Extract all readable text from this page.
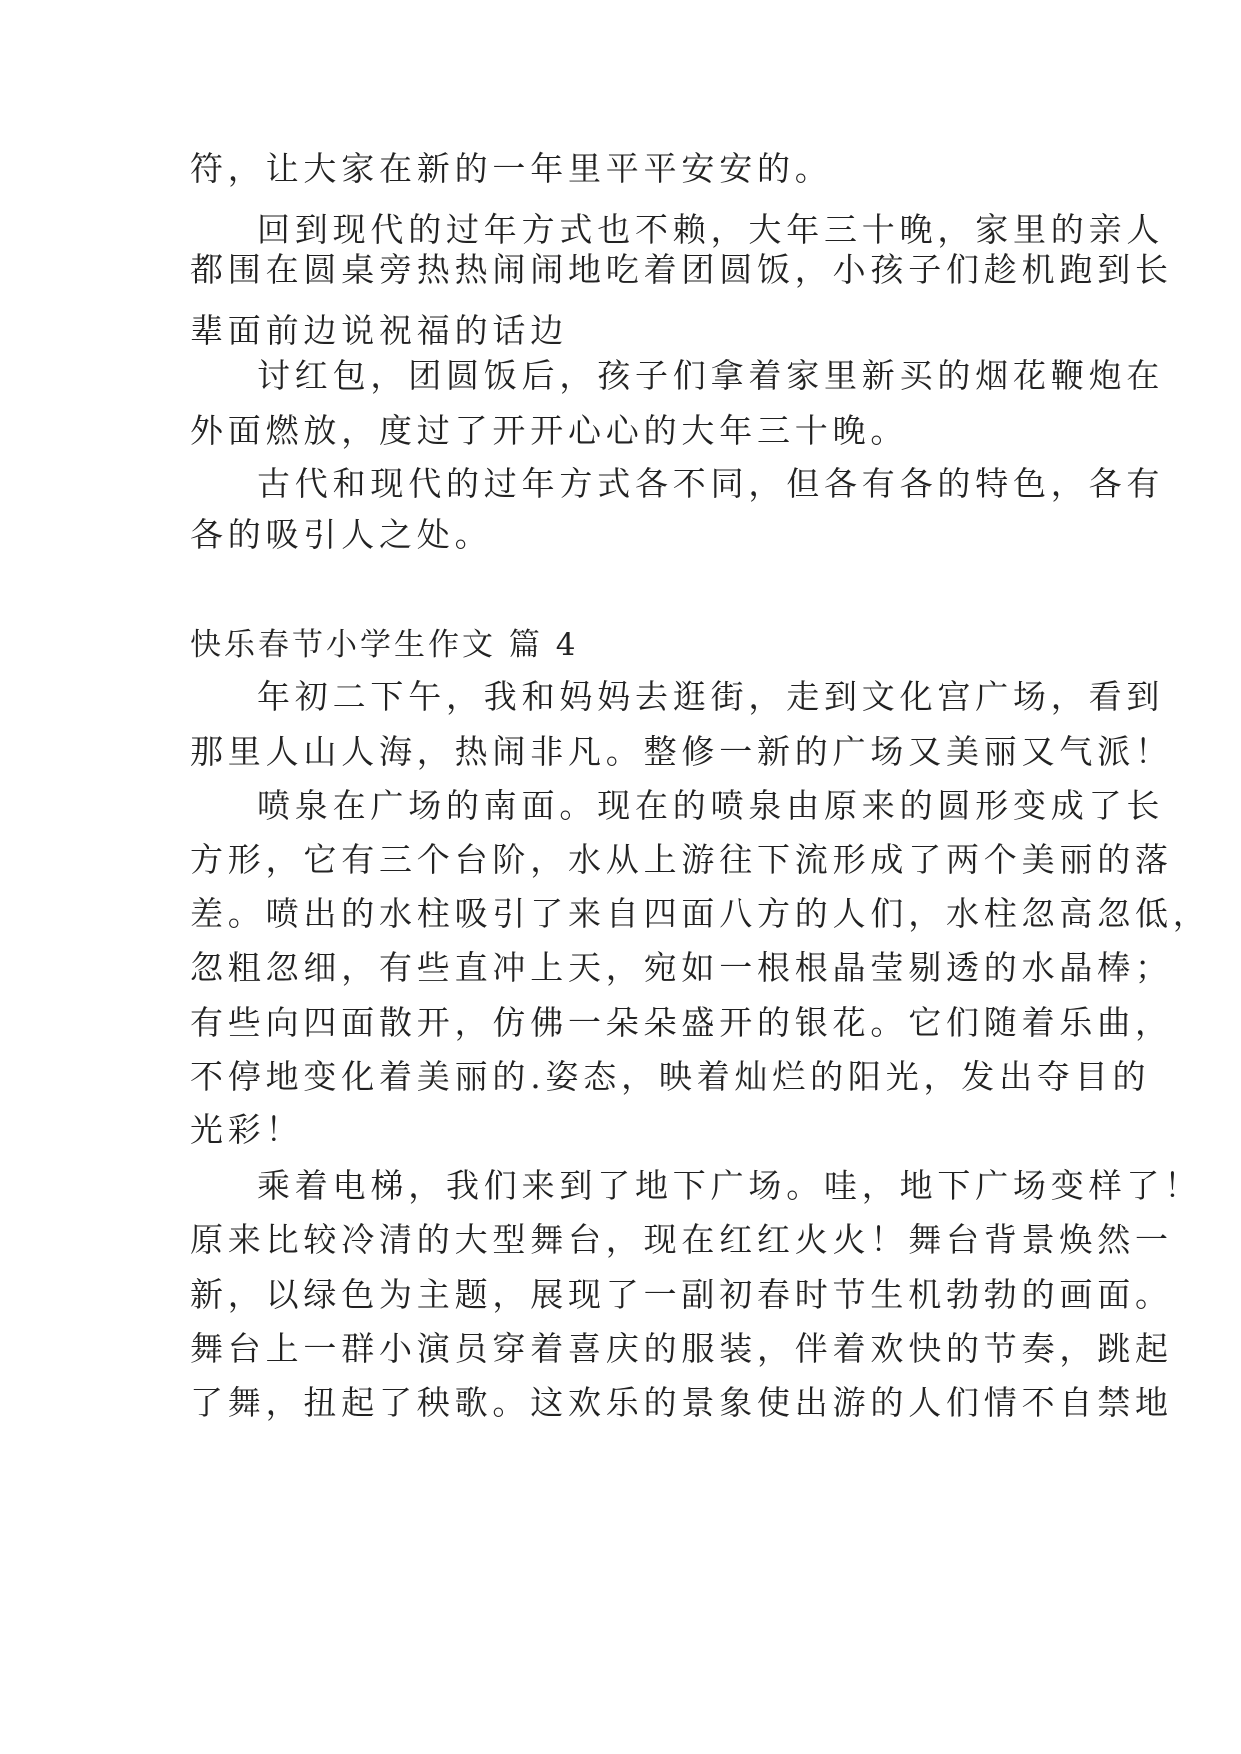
符，让大家在新的一年里平平安安的。
回到现代的过年方式也不赖，大年三十晚，家里的亲人
都围在圆桌旁热热闹闹地吃着团圆饭，小孩子们趁机跑到长
辈面前边说祝福的话边
讨红包，团圆饭后，孩子们拿着家里新买的烟花鞭炮在
外面燃放，度过了开开心心的大年三十晚。
古代和现代的过年方式各不同，但各有各的特色，各有
各的吸引人之处。
快乐春节小学生作文 篇 4
年初二下午，我和妈妈去逛街，走到文化宫广场，看到
那里人山人海，热闹非凡。整修一新的广场又美丽又气派！
喷泉在广场的南面。现在的喷泉由原来的圆形变成了长
方形，它有三个台阶，水从上游往下流形成了两个美丽的落
差。喷出的水柱吸引了来自四面八方的人们，水柱忽高忽低，
忽粗忽细，有些直冲上天，宛如一根根晶莹剔透的水晶棒；
有些向四面散开，仿佛一朵朵盛开的银花。它们随着乐曲，
不停地变化着美丽的.姿态，映着灿烂的阳光，发出夺目的
光彩！
乘着电梯，我们来到了地下广场。哇，地下广场变样了！
原来比较冷清的大型舞台，现在红红火火！舞台背景焕然一
新，以绿色为主题，展现了一副初春时节生机勃勃的画面。
舞台上一群小演员穿着喜庆的服装，伴着欢快的节奏，跳起
了舞，扭起了秧歌。这欢乐的景象使出游的人们情不自禁地
